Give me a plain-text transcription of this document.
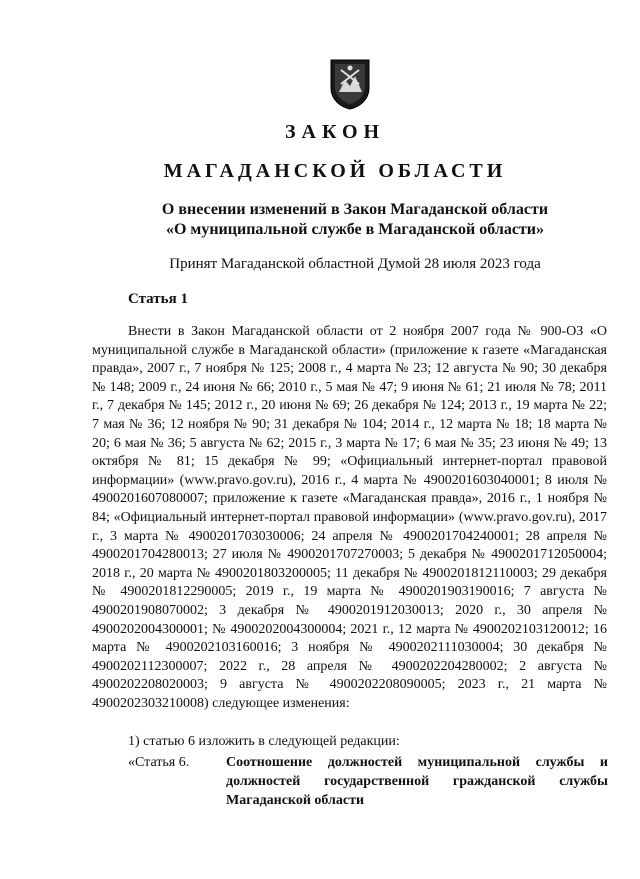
ЗАКОН
МАГАДАНСКОЙ ОБЛАСТИ
О внесении изменений в Закон Магаданской области
«О муниципальной службе в Магаданской области»
Принят Магаданской областной Думой 28 июля 2023 года
Статья 1

Внести в Закон Магаданской области от 2 ноября 2007 года № 900-ОЗ «О муниципальной службе в Магаданской области» (приложение к газете «Магаданская правда», 2007 г., 7 ноября № 125; 2008 г., 4 марта № 23; 12 августа № 90; 30 декабря № 148; 2009 г., 24 июня № 66; 2010 г., 5 мая № 47; 9 июня № 61; 21 июля № 78; 2011 г., 7 декабря № 145; 2012 г., 20 июня № 69; 26 декабря № 124; 2013 г., 19 марта № 22; 7 мая № 36; 12 ноября № 90; 31 декабря № 104; 2014 г., 12 марта № 18; 18 марта № 20; 6 мая № 36; 5 августа № 62; 2015 г., 3 марта № 17; 6 мая № 35; 23 июня № 49; 13 октября № 81; 15 декабря № 99; «Официальный интернет-портал правовой информации» (www.pravo.gov.ru), 2016 г., 4 марта № 4900201603040001; 8 июля № 4900201607080007; приложение к газете «Магаданская правда», 2016 г., 1 ноября № 84; «Официальный интернет-портал правовой информации» (www.pravo.gov.ru), 2017 г., 3 марта № 4900201703030006; 24 апреля № 4900201704240001; 28 апреля № 4900201704280013; 27 июля № 4900201707270003; 5 декабря № 4900201712050004; 2018 г., 20 марта № 4900201803200005; 11 декабря № 4900201812110003; 29 декабря № 4900201812290005; 2019 г., 19 марта № 4900201903190016; 7 августа № 4900201908070002; 3 декабря № 4900201912030013; 2020 г., 30 апреля № 4900202004300001; № 4900202004300004; 2021 г., 12 марта № 4900202103120012; 16 марта № 4900202103160016; 3 ноября № 4900202111030004; 30 декабря № 4900202112300007; 2022 г., 28 апреля № 4900202204280002; 2 августа № 4900202208020003; 9 августа № 4900202208090005; 2023 г., 21 марта № 4900202303210008) следующее изменения:

1) статью 6 изложить в следующей редакции:
«Статья 6.	Соотношение должностей муниципальной службы и должностей государственной гражданской службы Магаданской области
